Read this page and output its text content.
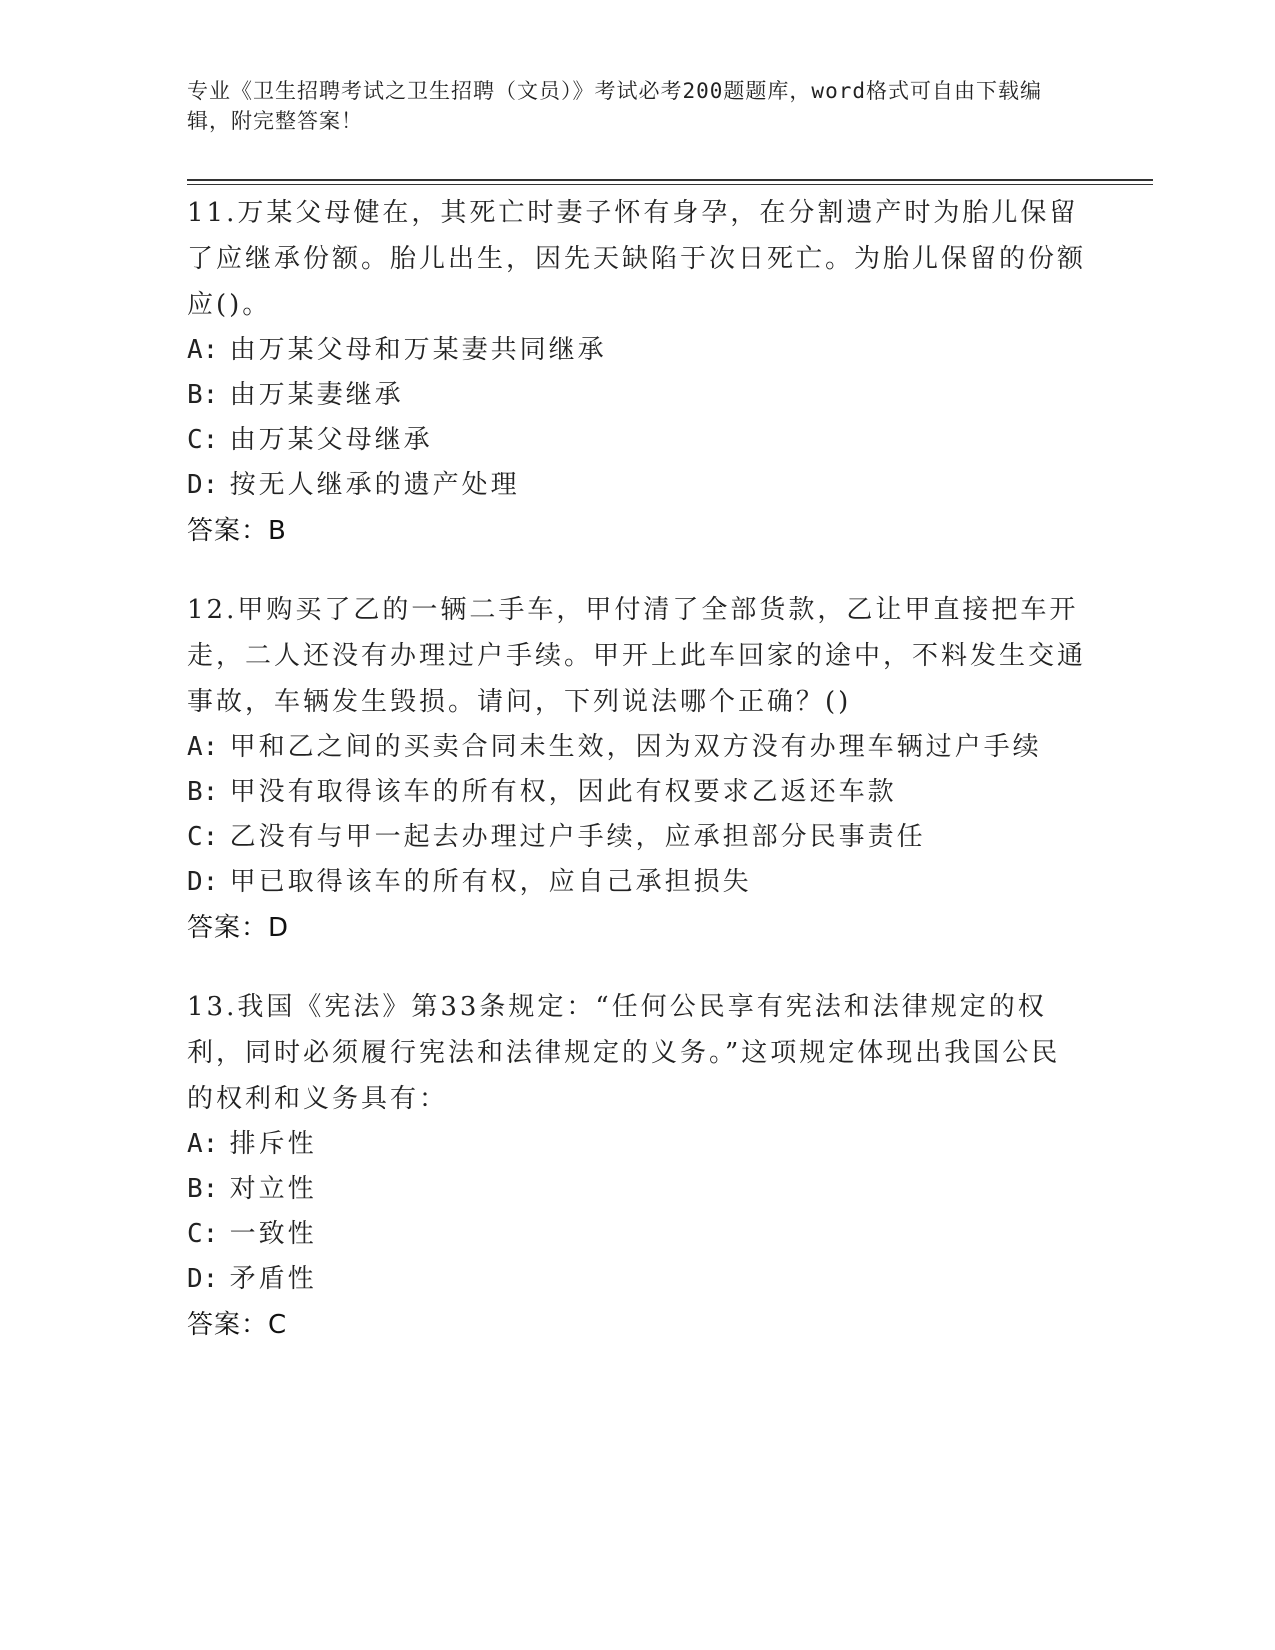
专业《卫生招聘考试之卫生招聘（文员）》考试必考200题题库，word格式可自由下载编辑，附完整答案！
11.万某父母健在，其死亡时妻子怀有身孕，在分割遗产时为胎儿保留了应继承份额。胎儿出生，因先天缺陷于次日死亡。为胎儿保留的份额应()。
A: 由万某父母和万某妻共同继承
B: 由万某妻继承
C: 由万某父母继承
D: 按无人继承的遗产处理
答案：B
12.甲购买了乙的一辆二手车，甲付清了全部货款，乙让甲直接把车开走，二人还没有办理过户手续。甲开上此车回家的途中，不料发生交通事故，车辆发生毁损。请问，下列说法哪个正确？()
A: 甲和乙之间的买卖合同未生效，因为双方没有办理车辆过户手续
B: 甲没有取得该车的所有权，因此有权要求乙返还车款
C: 乙没有与甲一起去办理过户手续，应承担部分民事责任
D: 甲已取得该车的所有权，应自己承担损失
答案：D
13.我国《宪法》第33条规定：“任何公民享有宪法和法律规定的权利，同时必须履行宪法和法律规定的义务。”这项规定体现出我国公民的权利和义务具有：
A: 排斥性
B: 对立性
C: 一致性
D: 矛盾性
答案：C
